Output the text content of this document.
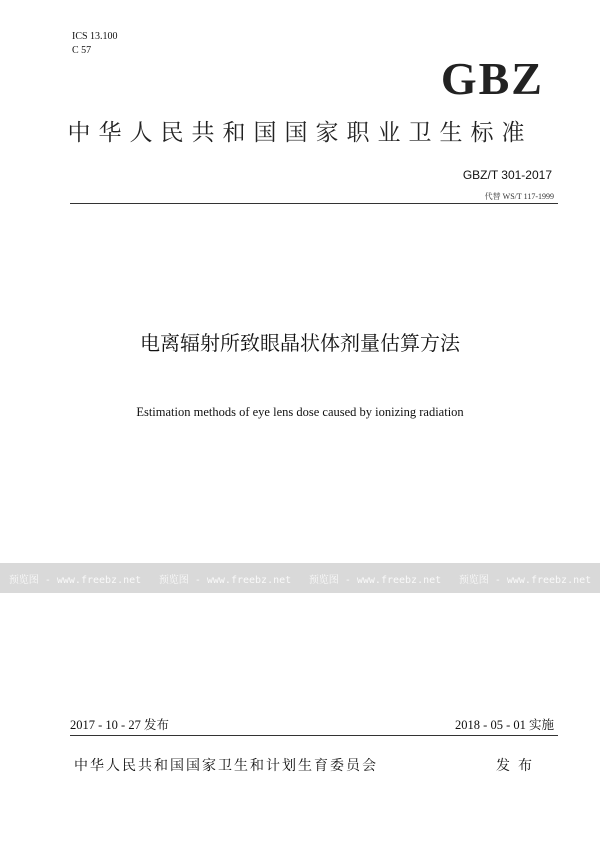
ICS 13.100
C 57
GBZ
中华人民共和国国家职业卫生标准
GBZ/T 301-2017
代替 WS/T 117-1999
电离辐射所致眼晶状体剂量估算方法
Estimation methods of eye lens dose caused by ionizing radiation
预览图 - www.freebz.net 预览图 - www.freebz.net 预览图 - www.freebz.net 预览图 - www.freebz.net
2017 - 10 - 27 发布	2018 - 05 - 01 实施
中华人民共和国国家卫生和计划生育委员会	发布
